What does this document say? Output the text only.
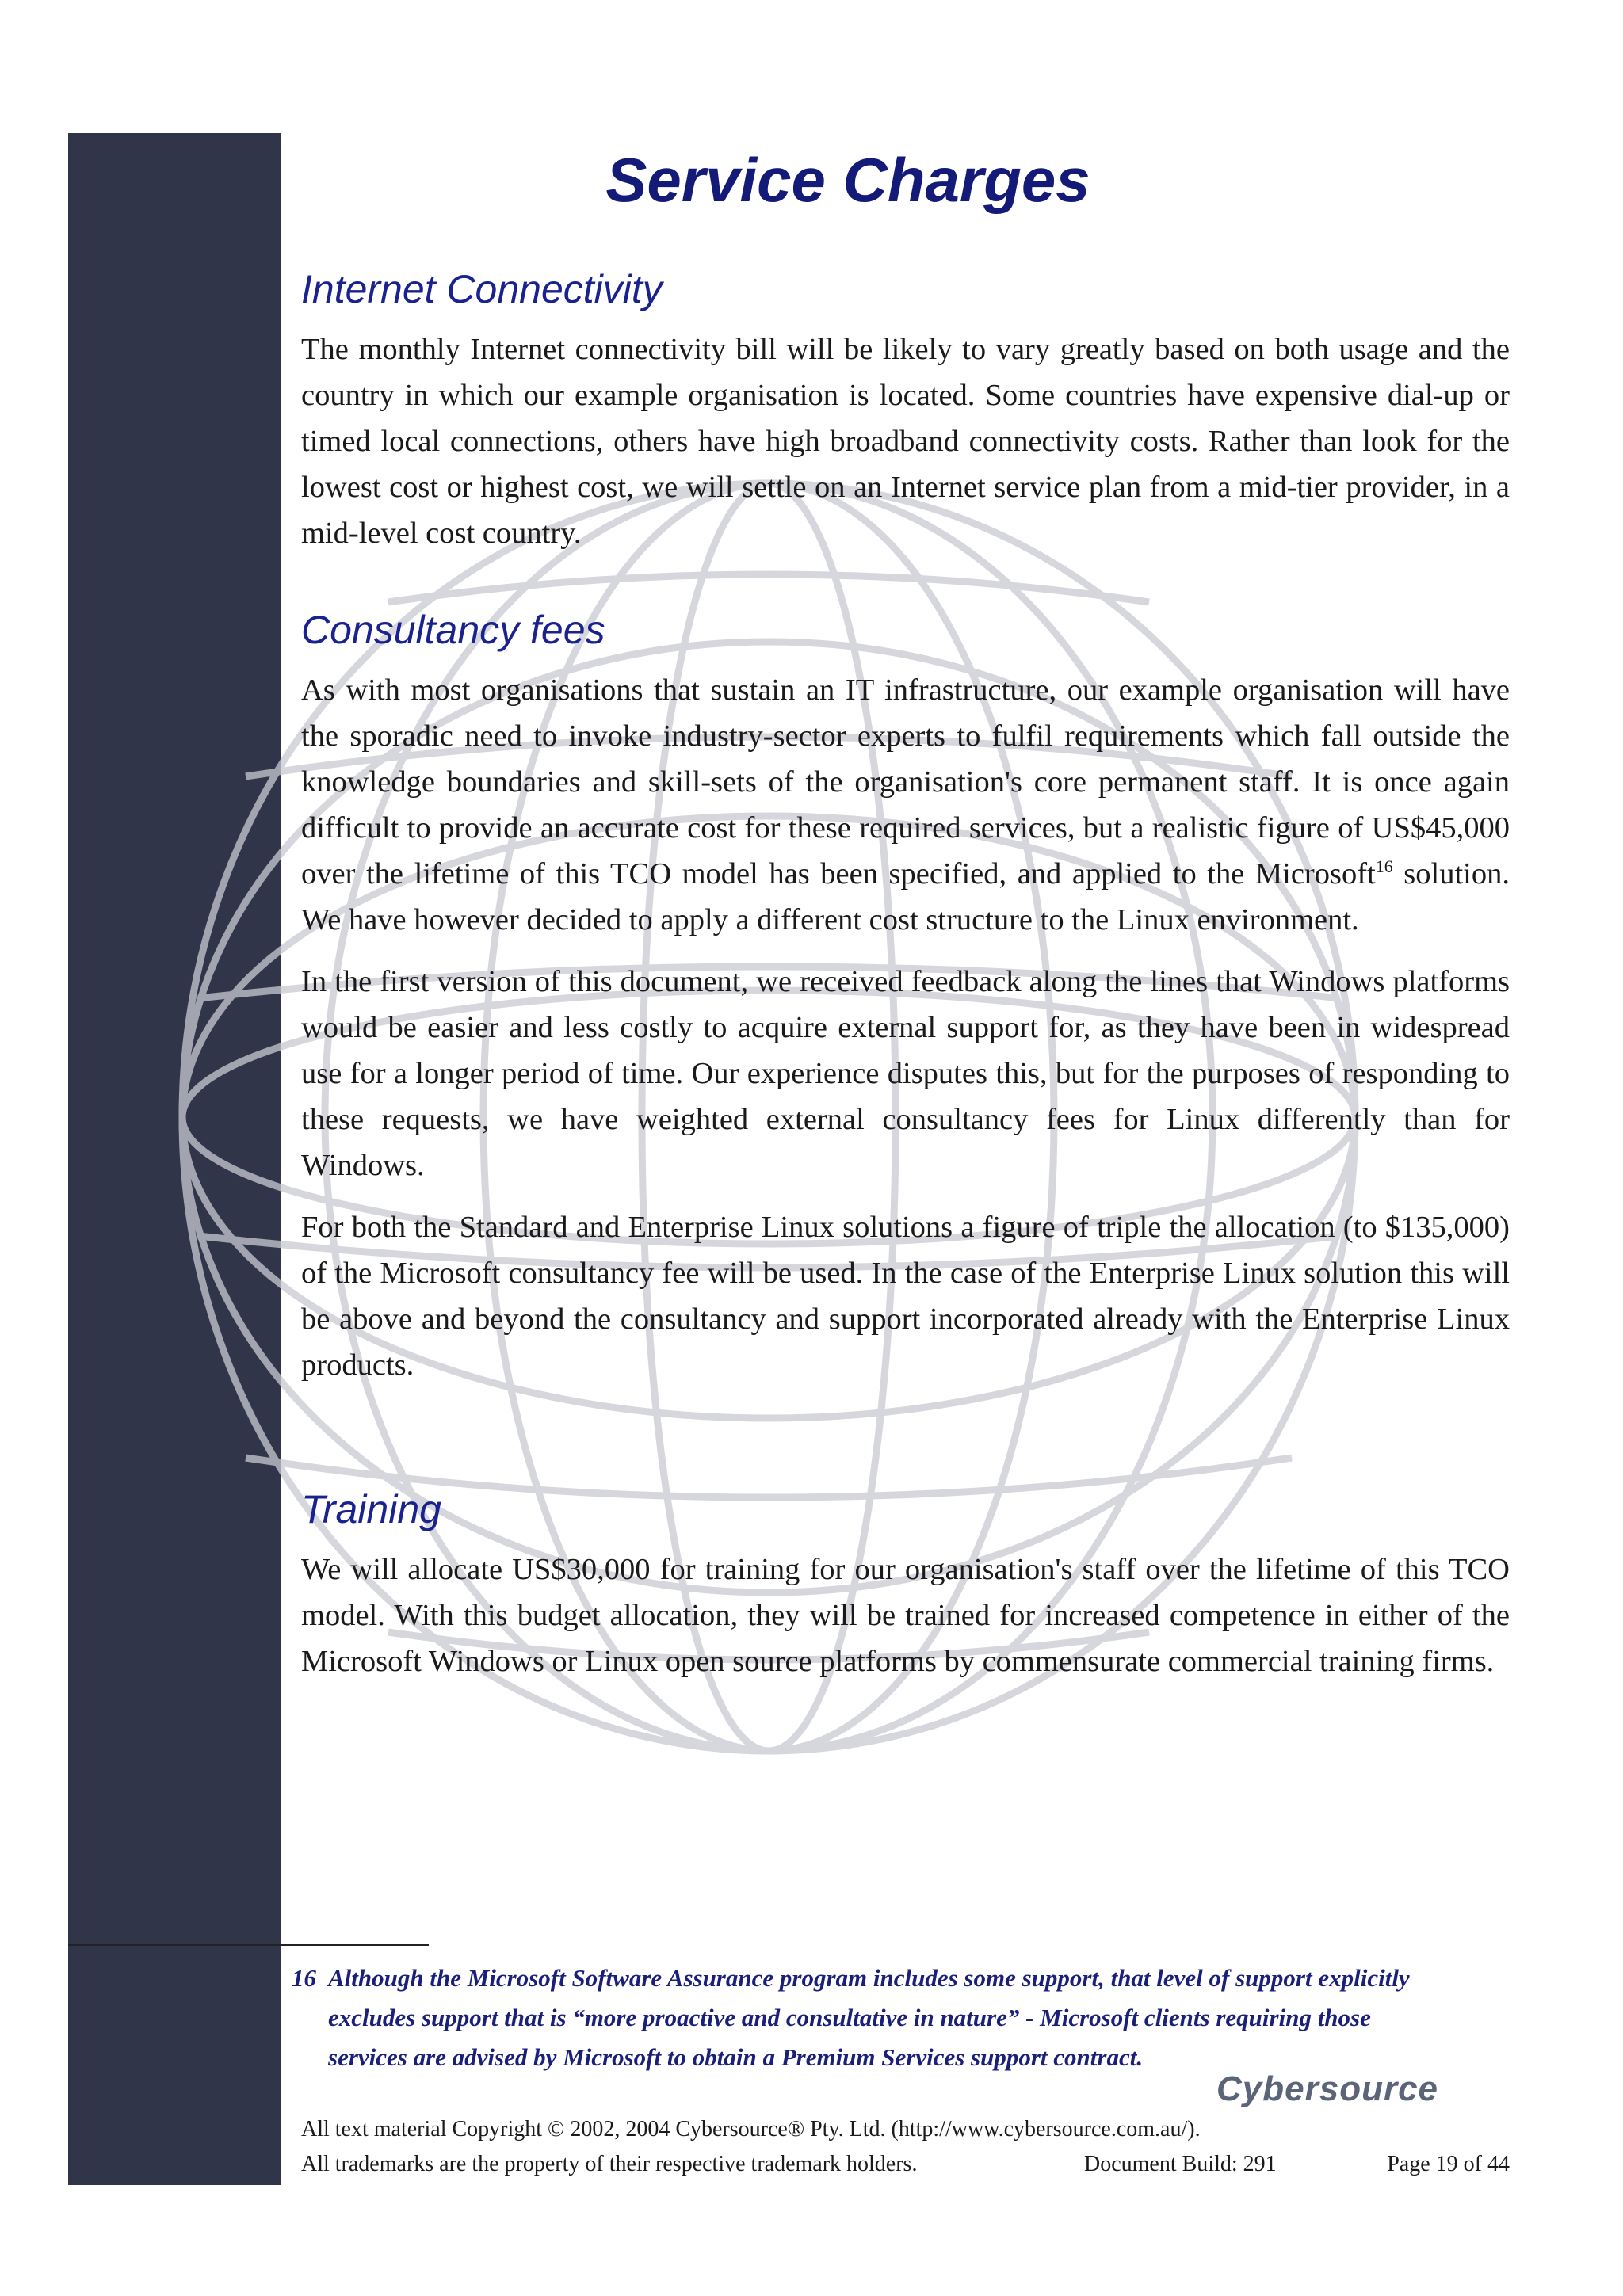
Service Charges
Internet Connectivity

The monthly Internet connectivity bill will be likely to vary greatly based on both usage and the country in which our example organisation is located. Some countries have expensive dial-up or timed local connections, others have high broadband connectivity costs. Rather than look for the lowest cost or highest cost, we will settle on an Internet service plan from a mid-tier provider, in a mid-level cost country.

Consultancy fees

As with most organisations that sustain an IT infrastructure, our example organisation will have the sporadic need to invoke industry-sector experts to fulfil requirements which fall outside the knowledge boundaries and skill-sets of the organisation's core permanent staff. It is once again difficult to provide an accurate cost for these required services, but a realistic figure of US$45,000 over the lifetime of this TCO model has been specified, and applied to the Microsoft$^{16}$ solution. We have however decided to apply a different cost structure to the Linux environment.

In the first version of this document, we received feedback along the lines that Windows platforms would be easier and less costly to acquire external support for, as they have been in widespread use for a longer period of time. Our experience disputes this, but for the purposes of responding to these requests, we have weighted external consultancy fees for Linux differently than for Windows.

For both the Standard and Enterprise Linux solutions a figure of triple the allocation (to $135,000) of the Microsoft consultancy fee will be used. In the case of the Enterprise Linux solution this will be above and beyond the consultancy and support incorporated already with the Enterprise Linux products.

Training

We will allocate US$30,000 for training for our organisation's staff over the lifetime of this TCO model. With this budget allocation, they will be trained for increased competence in either of the Microsoft Windows or Linux open source platforms by commensurate commercial training firms.

16 Although the Microsoft Software Assurance program includes some support, that level of support explicitly excludes support that is “more proactive and consultative in nature” - Microsoft clients requiring those services are advised by Microsoft to obtain a Premium Services support contract.
Cybersource
All text material Copyright © 2002, 2004 Cybersource® Pty. Ltd. (http://www.cybersource.com.au/).
All trademarks are the property of their respective trademark holders.	Document Build: 291	Page 19 of 44
